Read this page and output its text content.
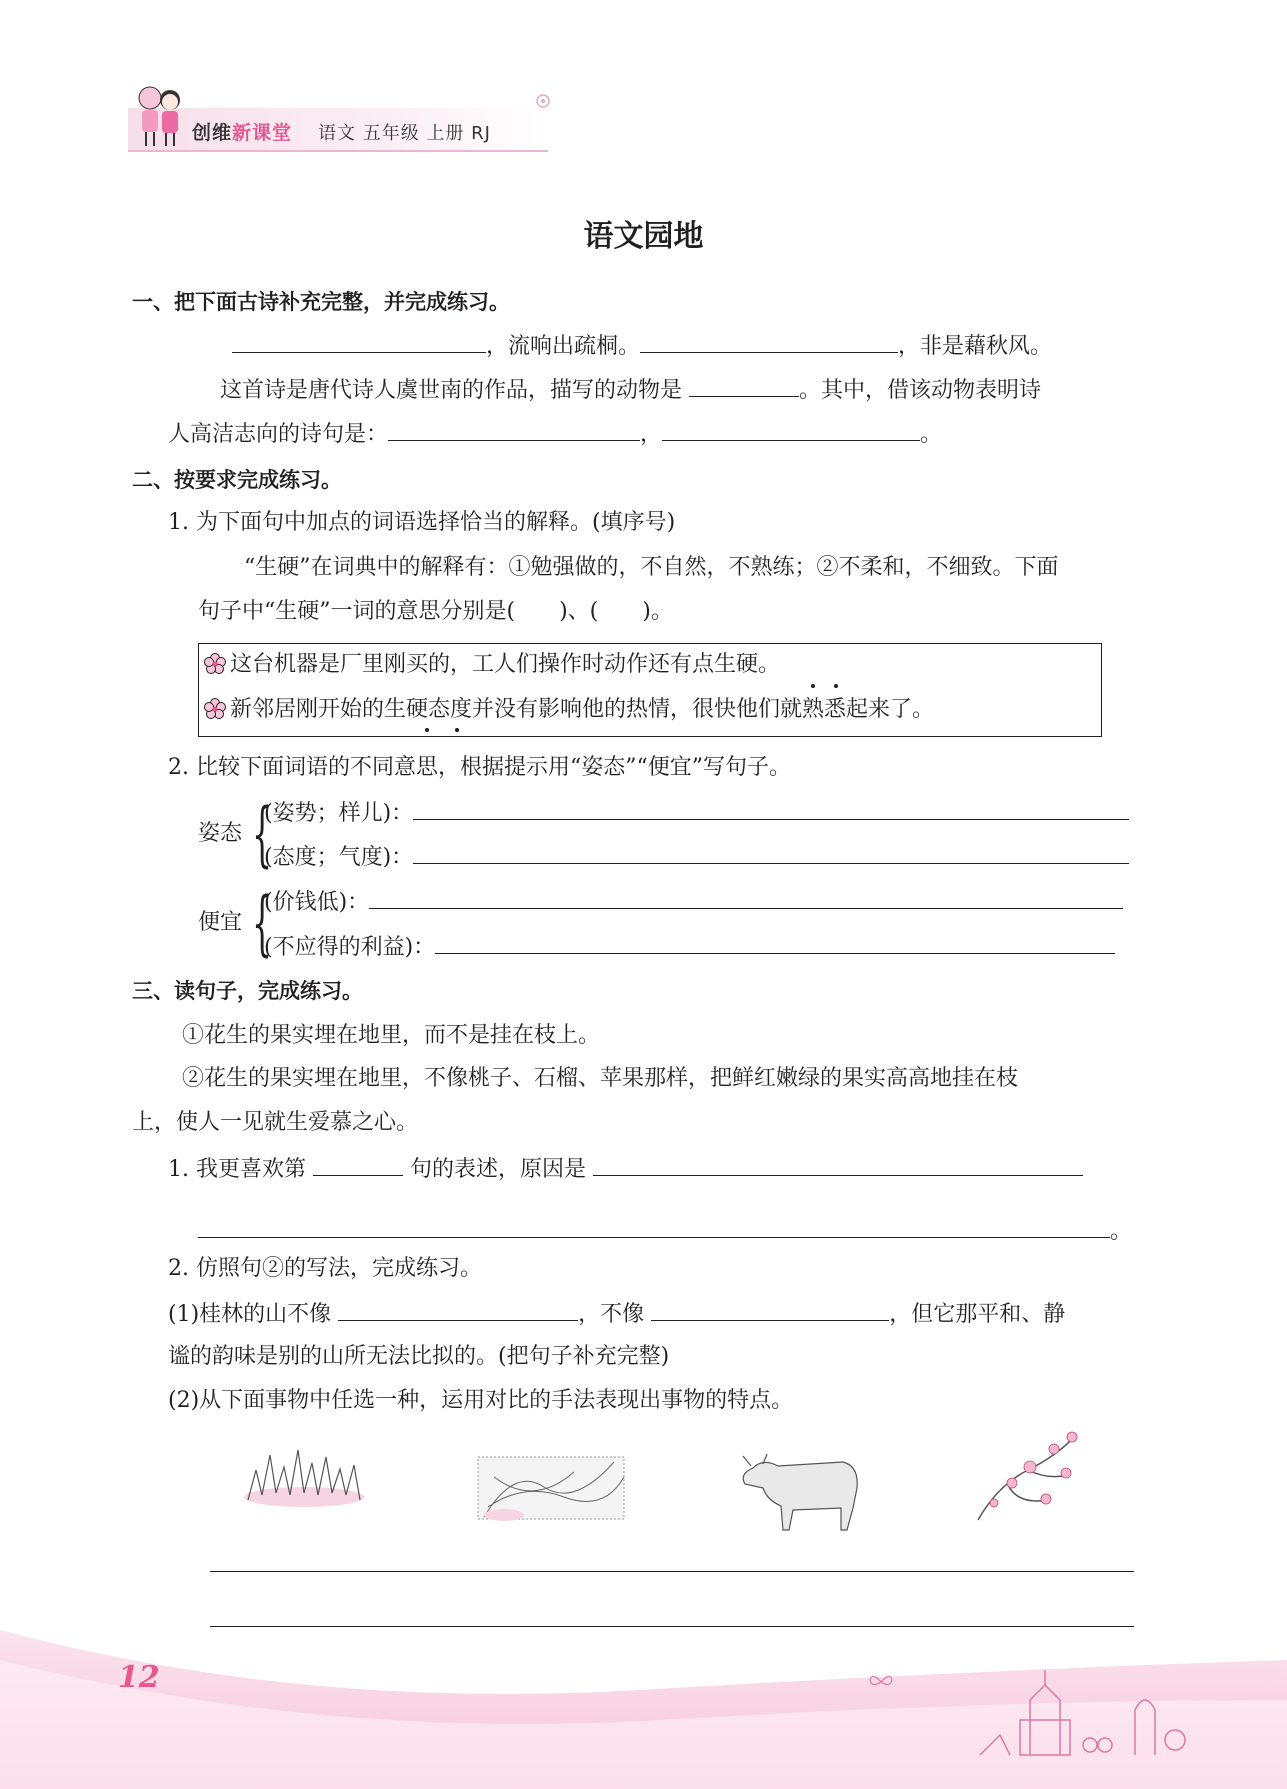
创维新课堂 语文 五年级 上册 RJ
语文园地
一、把下面古诗补充完整，并完成练习。
，流响出疏桐。	，非是藉秋风。
这首诗是唐代诗人虞世南的作品，描写的动物是	。其中，借该动物表明诗
人高洁志向的诗句是：	，	。
二、按要求完成练习。
1. 为下面句中加点的词语选择恰当的解释。(填序号)
“生硬”在词典中的解释有：①勉强做的，不自然，不熟练；②不柔和，不细致。下面
句子中“生硬”一词的意思分别是(　　)、(　　)。
这台机器是厂里刚买的，工人们操作时动作还有点生硬。
新邻居刚开始的生硬态度并没有影响他的热情，很快他们就熟悉起来了。
2. 比较下面词语的不同意思，根据提示用“姿态”“便宜”写句子。
姿态 {
(姿势；样儿)：
(态度；气度)：
便宜 {
(价钱低)：
(不应得的利益)：
三、读句子，完成练习。
①花生的果实埋在地里，而不是挂在枝上。
②花生的果实埋在地里，不像桃子、石榴、苹果那样，把鲜红嫩绿的果实高高地挂在枝
上，使人一见就生爱慕之心。
1. 我更喜欢第	句的表述，原因是
。
2. 仿照句②的写法，完成练习。
(1)桂林的山不像	，不像	，但它那平和、静
谧的韵味是别的山所无法比拟的。(把句子补充完整)
(2)从下面事物中任选一种，运用对比的手法表现出事物的特点。
12
